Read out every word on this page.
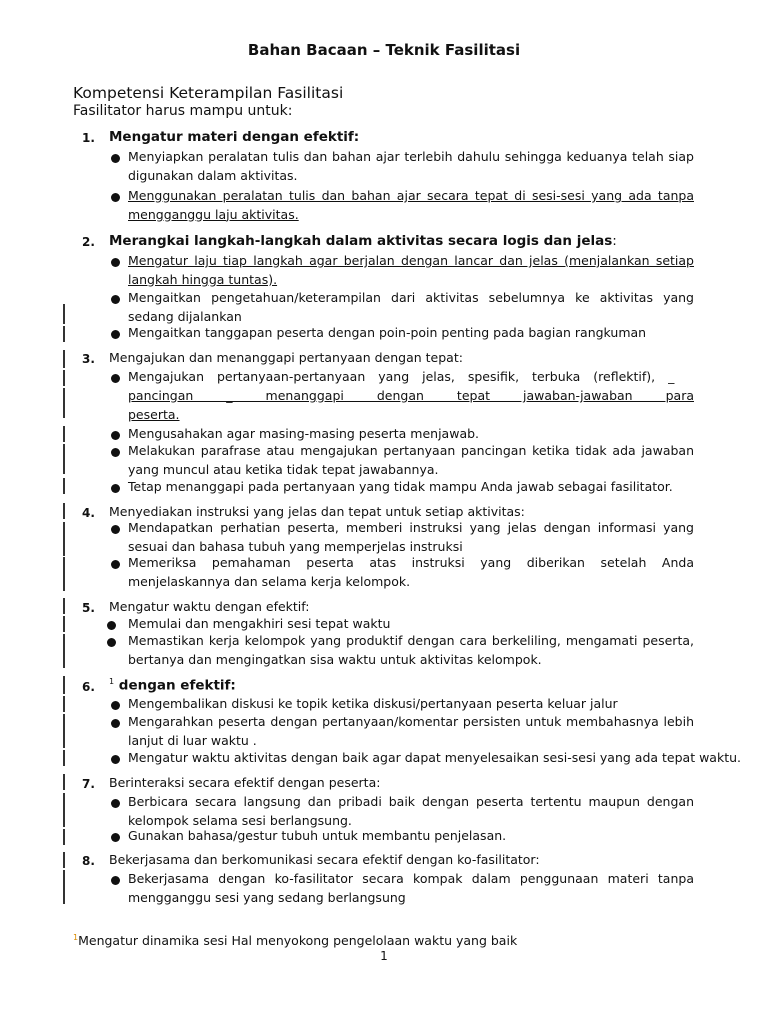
Bahan Bacaan – Teknik Fasilitasi
Kompetensi Keterampilan Fasilitasi
Fasilitator harus mampu untuk:
1. Mengatur materi dengan efektif:
Menyiapkan peralatan tulis dan bahan ajar terlebih dahulu sehingga keduanya telah siap digunakan dalam aktivitas.
Menggunakan peralatan tulis dan bahan ajar secara tepat di sesi-sesi yang ada tanpa mengganggu laju aktivitas.
2. Merangkai langkah-langkah dalam aktivitas secara logis dan jelas:
Mengatur laju tiap langkah agar berjalan dengan lancar dan jelas (menjalankan setiap langkah hingga tuntas).
Mengaitkan pengetahuan/keterampilan dari aktivitas sebelumnya ke aktivitas yang sedang dijalankan
Mengaitkan tanggapan peserta dengan poin-poin penting pada bagian rangkuman
3. Mengajukan dan menanggapi pertanyaan dengan tepat:
Mengajukan pertanyaan-pertanyaan yang jelas, spesifik, terbuka (reflektif), _
pancingan _ menanggapi dengan tepat jawaban-jawaban para peserta.
Mengusahakan agar masing-masing peserta menjawab.
Melakukan parafrase atau mengajukan pertanyaan pancingan ketika tidak ada jawaban yang muncul atau ketika tidak tepat jawabannya.
Tetap menanggapi pada pertanyaan yang tidak mampu Anda jawab sebagai fasilitator.
4. Menyediakan instruksi yang jelas dan tepat untuk setiap aktivitas:
Mendapatkan perhatian peserta, memberi instruksi yang jelas dengan informasi yang sesuai dan bahasa tubuh yang memperjelas instruksi
Memeriksa pemahaman peserta atas instruksi yang diberikan setelah Anda menjelaskannya dan selama kerja kelompok.
5. Mengatur waktu dengan efektif:
Memulai dan mengakhiri sesi tepat waktu
Memastikan kerja kelompok yang produktif dengan cara berkeliling, mengamati peserta, bertanya dan mengingatkan sisa waktu untuk aktivitas kelompok.
6. $^1$ dengan efektif:
Mengembalikan diskusi ke topik ketika diskusi/pertanyaan peserta keluar jalur
Mengarahkan peserta dengan pertanyaan/komentar persisten untuk membahasnya lebih lanjut di luar waktu .
Mengatur waktu aktivitas dengan baik agar dapat menyelesaikan sesi-sesi yang ada tepat waktu.
7. Berinteraksi secara efektif dengan peserta:
Berbicara secara langsung dan pribadi baik dengan peserta tertentu maupun dengan kelompok selama sesi berlangsung.
Gunakan bahasa/gestur tubuh untuk membantu penjelasan.
8. Bekerjasama dan berkomunikasi secara efektif dengan ko-fasilitator:
Bekerjasama dengan ko-fasilitator secara kompak dalam penggunaan materi tanpa mengganggu sesi yang sedang berlangsung
$^1$Mengatur dinamika sesi Hal menyokong pengelolaan waktu yang baik
1
